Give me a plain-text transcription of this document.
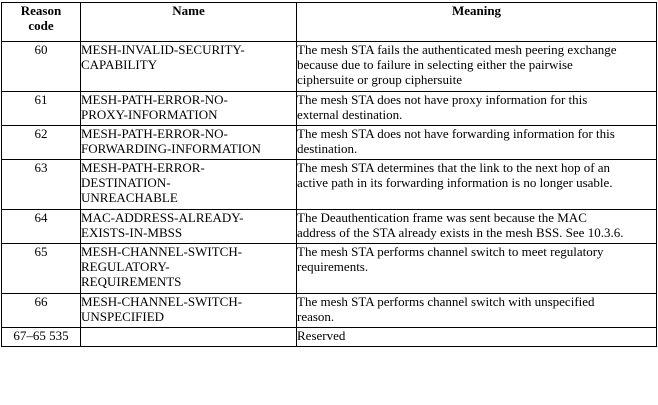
Reason
code	Name	Meaning
60	MESH-INVALID-SECURITY-
CAPABILITY	The mesh STA fails the authenticated mesh peering exchange
because due to failure in selecting either the pairwise
ciphersuite or group ciphersuite

61	MESH-PATH-ERROR-NO-
PROXY-INFORMATION	The mesh STA does not have proxy information for this
external destination.

62	MESH-PATH-ERROR-NO-
FORWARDING-INFORMATION	The mesh STA does not have forwarding information for this
destination.

63	MESH-PATH-ERROR-
DESTINATION-
UNREACHABLE	The mesh STA determines that the link to the next hop of an
active path in its forwarding information is no longer usable.

64	MAC-ADDRESS-ALREADY-
EXISTS-IN-MBSS	The Deauthentication frame was sent because the MAC
address of the STA already exists in the mesh BSS. See 10.3.6.

65	MESH-CHANNEL-SWITCH-
REGULATORY-
REQUIREMENTS	The mesh STA performs channel switch to meet regulatory
requirements.

66	MESH-CHANNEL-SWITCH-
UNSPECIFIED	The mesh STA performs channel switch with unspecified
reason.

67–65 535		Reserved
